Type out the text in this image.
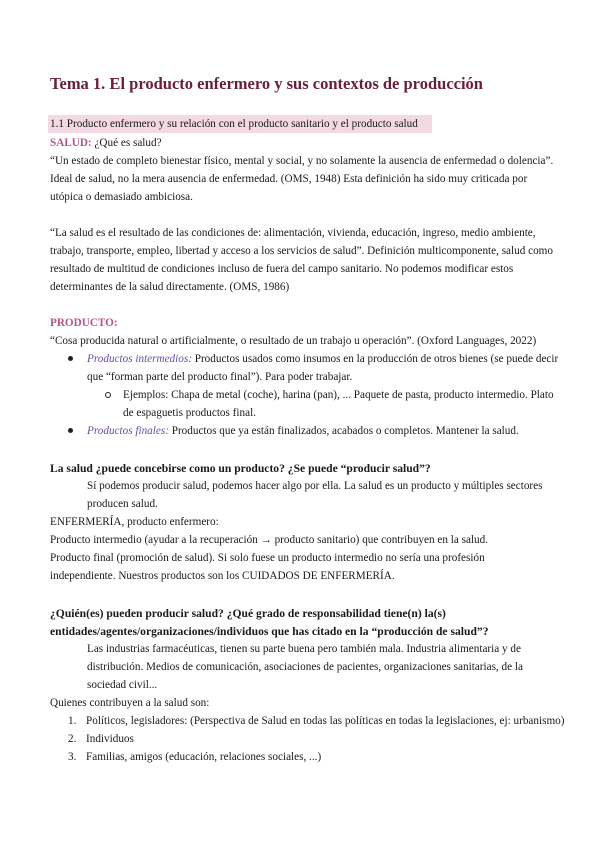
Tema 1. El producto enfermero y sus contextos de producción
1.1 Producto enfermero y su relación con el producto sanitario y el producto salud
SALUD: ¿Qué es salud?
“Un estado de completo bienestar físico, mental y social, y no solamente la ausencia de enfermedad o dolencia”.
Ideal de salud, no la mera ausencia de enfermedad. (OMS, 1948) Esta definición ha sido muy criticada por
utópica o demasiado ambiciosa.
“La salud es el resultado de las condiciones de: alimentación, vivienda, educación, ingreso, medio ambiente,
trabajo, transporte, empleo, libertad y acceso a los servicios de salud”. Definición multicomponente, salud como
resultado de multitud de condiciones incluso de fuera del campo sanitario. No podemos modificar estos
determinantes de la salud directamente. (OMS, 1986)
PRODUCTO:
“Cosa producida natural o artificialmente, o resultado de un trabajo u operación”. (Oxford Languages, 2022)
Productos intermedios: Productos usados como insumos en la producción de otros bienes (se puede decir
que “forman parte del producto final”). Para poder trabajar.
Ejemplos: Chapa de metal (coche), harina (pan), ... Paquete de pasta, producto intermedio. Plato
de espaguetis productos final.
Productos finales: Productos que ya están finalizados, acabados o completos. Mantener la salud.
La salud ¿puede concebirse como un producto? ¿Se puede “producir salud”?
Sí podemos producir salud, podemos hacer algo por ella. La salud es un producto y múltiples sectores
producen salud.
ENFERMERÍA, producto enfermero:
Producto intermedio (ayudar a la recuperación → producto sanitario) que contribuyen en la salud.
Producto final (promoción de salud). Si solo fuese un producto intermedio no sería una profesión
independiente. Nuestros productos son los CUIDADOS DE ENFERMERÍA.
¿Quién(es) pueden producir salud? ¿Qué grado de responsabilidad tiene(n) la(s)
entidades/agentes/organizaciones/individuos que has citado en la “producción de salud”?
Las industrias farmacéuticas, tienen su parte buena pero también mala. Industria alimentaria y de
distribución. Medios de comunicación, asociaciones de pacientes, organizaciones sanitarias, de la
sociedad civil...
Quienes contribuyen a la salud son:
1. Políticos, legisladores: (Perspectiva de Salud en todas las políticas en todas la legislaciones, ej: urbanismo)
2. Individuos
3. Familias, amigos (educación, relaciones sociales, ...)
